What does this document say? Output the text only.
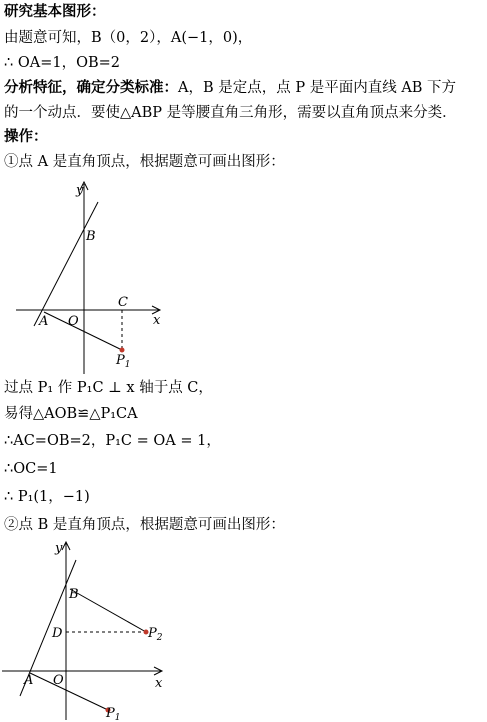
研究基本图形：
由题意可知，B（0，2），A(−1，0)，
∴ OA=1，OB=2
分析特征，确定分类标准：A，B 是定点，点 P 是平面内直线 AB 下方
的一个动点．要使△ABP 是等腰直角三角形，需要以直角顶点来分类．
操作：
①点 A 是直角顶点，根据题意可画出图形：
y
x
B
C
A O
$P_1$
过点 P₁ 作 P₁C ⊥ x 轴于点 C，
易得△AOB≌△P₁CA
∴AC=OB=2，P₁C = OA = 1，
∴OC=1
∴ P₁(1，−1)
②点 B 是直角顶点，根据题意可画出图形：
y
x
B
D
A O
$P_2$
$P_1$
